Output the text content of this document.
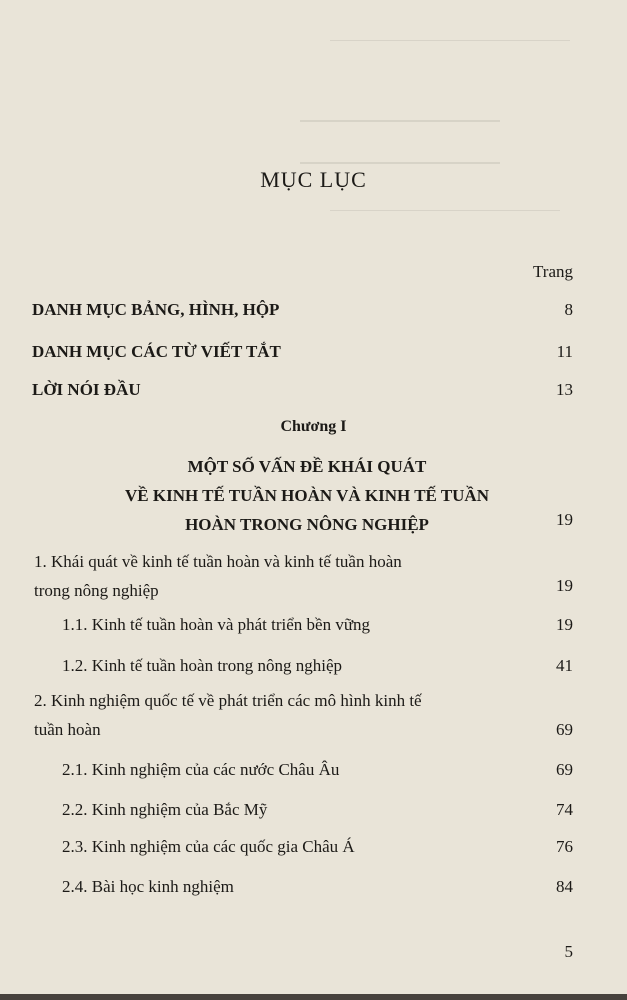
MỤC LỤC
Trang
DANH MỤC BẢNG, HÌNH, HỘP	8
DANH MỤC CÁC TỪ VIẾT TẮT	11
LỜI NÓI ĐẦU	13
Chương I
MỘT SỐ VẤN ĐỀ KHÁI QUÁT
VỀ KINH TẾ TUẦN HOÀN VÀ KINH TẾ TUẦN
HOÀN TRONG NÔNG NGHIỆP	19
1. Khái quát về kinh tế tuần hoàn và kinh tế tuần hoàn
trong nông nghiệp	19
1.1. Kinh tế tuần hoàn và phát triển bền vững	19
1.2. Kinh tế tuần hoàn trong nông nghiệp	41
2. Kinh nghiệm quốc tế về phát triển các mô hình kinh tế
tuần hoàn	69
2.1. Kinh nghiệm của các nước Châu Âu	69
2.2. Kinh nghiệm của Bắc Mỹ	74
2.3. Kinh nghiệm của các quốc gia Châu Á	76
2.4. Bài học kinh nghiệm	84
5
